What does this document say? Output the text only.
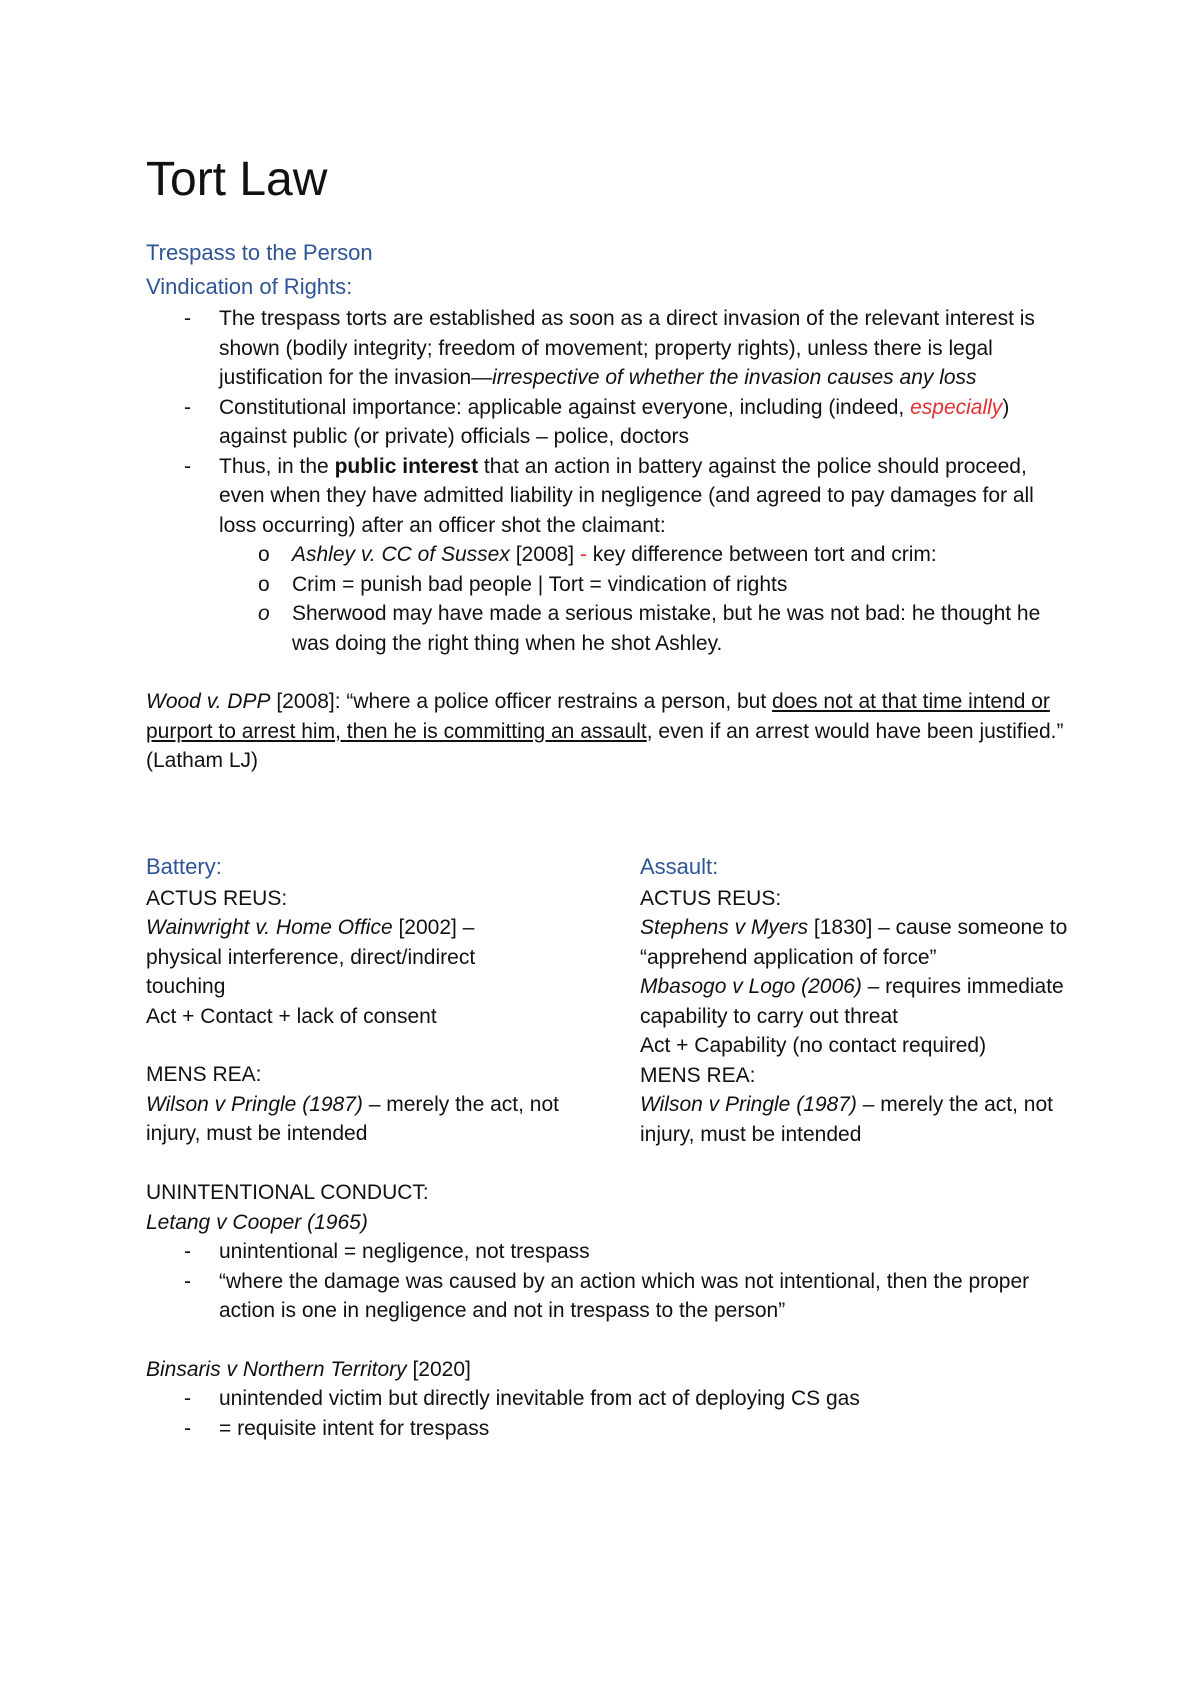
Tort Law

Trespass to the Person

Vindication of Rights:

- The trespass torts are established as soon as a direct invasion of the relevant interest is shown (bodily integrity; freedom of movement; property rights), unless there is legal justification for the invasion—irrespective of whether the invasion causes any loss
- Constitutional importance: applicable against everyone, including (indeed, especially) against public (or private) officials – police, doctors
- Thus, in the public interest that an action in battery against the police should proceed, even when they have admitted liability in negligence (and agreed to pay damages for all loss occurring) after an officer shot the claimant:
o Ashley v. CC of Sussex [2008] - key difference between tort and crim:
o Crim = punish bad people | Tort = vindication of rights
o Sherwood may have made a serious mistake, but he was not bad: he thought he was doing the right thing when he shot Ashley.

Wood v. DPP [2008]: “where a police officer restrains a person, but does not at that time intend or purport to arrest him, then he is committing an assault, even if an arrest would have been justified.” (Latham LJ)

Battery:

ACTUS REUS:

Wainwright v. Home Office [2002] – physical interference, direct/indirect touching

Act + Contact + lack of consent

MENS REA:

Wilson v Pringle (1987) – merely the act, not injury, must be intended

Assault:

ACTUS REUS:

Stephens v Myers [1830] – cause someone to “apprehend application of force”

Mbasogo v Logo (2006) – requires immediate capability to carry out threat

Act + Capability (no contact required)

MENS REA:

Wilson v Pringle (1987) – merely the act, not injury, must be intended

UNINTENTIONAL CONDUCT:

Letang v Cooper (1965)

- unintentional = negligence, not trespass
- “where the damage was caused by an action which was not intentional, then the proper action is one in negligence and not in trespass to the person”

Binsaris v Northern Territory [2020]

- unintended victim but directly inevitable from act of deploying CS gas
- = requisite intent for trespass
